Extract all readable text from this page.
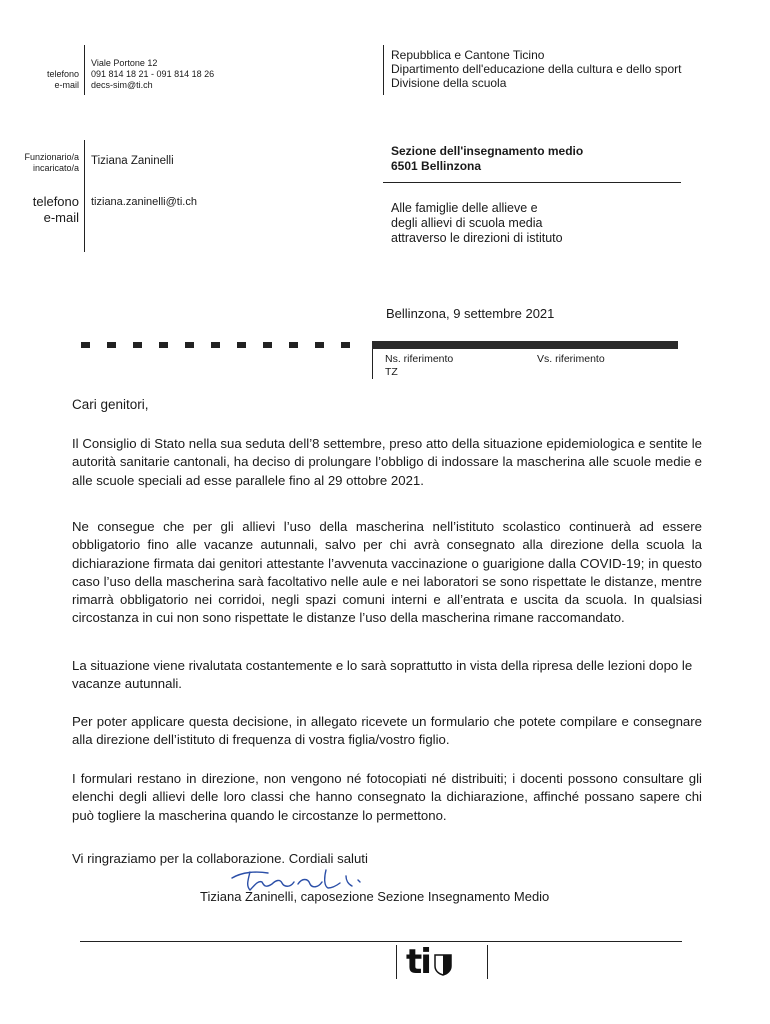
Viale Portone 12
telefono 091 814 18 21 - 091 814 18 26
e-mail decs-sim@ti.ch
Repubblica e Cantone Ticino
Dipartimento dell'educazione della cultura e dello sport
Divisione della scuola
Funzionario/a
incaricato/a
Tiziana Zaninelli
telefono
e-mail
tiziana.zaninelli@ti.ch
Sezione dell'insegnamento medio
6501 Bellinzona
Alle famiglie delle allieve e
degli allievi di scuola media
attraverso le direzioni di istituto
Bellinzona, 9 settembre 2021
Ns. riferimento
TZ
Vs. riferimento
Cari genitori,
Il Consiglio di Stato nella sua seduta dell’8 settembre, preso atto della situazione epidemiologica e sentite le autorità sanitarie cantonali, ha deciso di prolungare l’obbligo di indossare la mascherina alle scuole medie e alle scuole speciali ad esse parallele fino al 29 ottobre 2021.
Ne consegue che per gli allievi l’uso della mascherina nell’istituto scolastico continuerà ad essere obbligatorio fino alle vacanze autunnali, salvo per chi avrà consegnato alla direzione della scuola la dichiarazione firmata dai genitori attestante l’avvenuta vaccinazione o guarigione dalla COVID-19; in questo caso l’uso della mascherina sarà facoltativo nelle aule e nei laboratori se sono rispettate le distanze, mentre rimarrà obbligatorio nei corridoi, negli spazi comuni interni e all’entrata e uscita da scuola. In qualsiasi circostanza in cui non sono rispettate le distanze l’uso della mascherina rimane raccomandato.
La situazione viene rivalutata costantemente e lo sarà soprattutto in vista della ripresa delle lezioni dopo le vacanze autunnali.
Per poter applicare questa decisione, in allegato ricevete un formulario che potete compilare e consegnare alla direzione dell’istituto di frequenza di vostra figlia/vostro figlio.
I formulari restano in direzione, non vengono né fotocopiati né distribuiti; i docenti possono consultare gli elenchi degli allievi delle loro classi che hanno consegnato la dichiarazione, affinché possano sapere chi può togliere la mascherina quando le circostanze lo permettono.
Vi ringraziamo per la collaborazione. Cordiali saluti
Tiziana Zaninelli, caposezione Sezione Insegnamento Medio
ti
